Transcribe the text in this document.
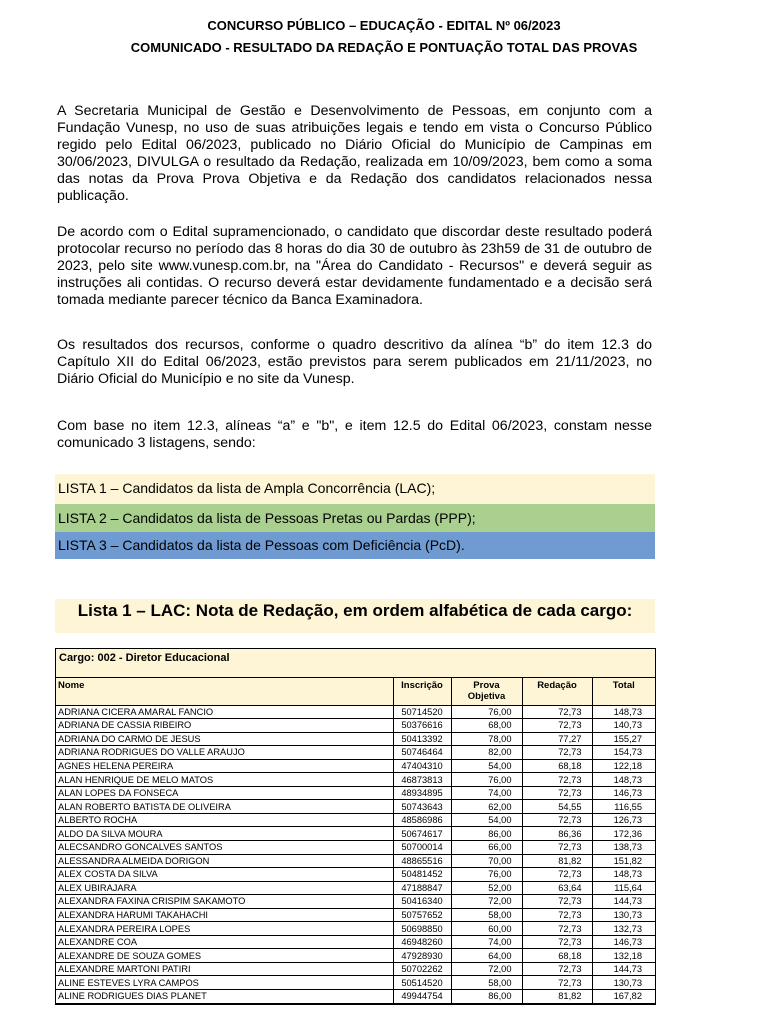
CONCURSO PÚBLICO – EDUCAÇÃO - EDITAL Nº 06/2023
COMUNICADO - RESULTADO DA REDAÇÃO E PONTUAÇÃO TOTAL DAS PROVAS
A Secretaria Municipal de Gestão e Desenvolvimento de Pessoas, em conjunto com a Fundação Vunesp, no uso de suas atribuições legais e tendo em vista o Concurso Público regido pelo Edital 06/2023, publicado no Diário Oficial do Município de Campinas em 30/06/2023, DIVULGA o resultado da Redação, realizada em 10/09/2023, bem como a soma das notas da Prova Prova Objetiva e da Redação dos candidatos relacionados nessa publicação.
De acordo com o Edital supramencionado, o candidato que discordar deste resultado poderá protocolar recurso no período das 8 horas do dia 30 de outubro às 23h59 de 31 de outubro de 2023, pelo site www.vunesp.com.br, na "Área do Candidato - Recursos" e deverá seguir as instruções ali contidas. O recurso deverá estar devidamente fundamentado e a decisão será tomada mediante parecer técnico da Banca Examinadora.
Os resultados dos recursos, conforme o quadro descritivo da alínea “b” do item 12.3 do Capítulo XII do Edital 06/2023, estão previstos para serem publicados em 21/11/2023, no Diário Oficial do Município e no site da Vunesp.
Com base no item 12.3, alíneas “a” e "b", e item 12.5 do Edital 06/2023, constam nesse comunicado 3 listagens, sendo:
LISTA 1 – Candidatos da lista de Ampla Concorrência (LAC);
LISTA 2 – Candidatos da lista de Pessoas Pretas ou Pardas (PPP);
LISTA 3 – Candidatos da lista de Pessoas com Deficiência (PcD).
Lista 1 – LAC: Nota de Redação, em ordem alfabética de cada cargo:
Cargo: 002 - Diretor Educacional
Nome	Inscrição	Prova Objetiva	Redação	Total
ADRIANA CICERA AMARAL FANCIO	50714520	76,00	72,73	148,73
ADRIANA DE CASSIA RIBEIRO	50376616	68,00	72,73	140,73
ADRIANA DO CARMO DE JESUS	50413392	78,00	77,27	155,27
ADRIANA RODRIGUES DO VALLE ARAUJO	50746464	82,00	72,73	154,73
AGNES HELENA PEREIRA	47404310	54,00	68,18	122,18
ALAN HENRIQUE DE MELO MATOS	46873813	76,00	72,73	148,73
ALAN LOPES DA FONSECA	48934895	74,00	72,73	146,73
ALAN ROBERTO BATISTA DE OLIVEIRA	50743643	62,00	54,55	116,55
ALBERTO ROCHA	48586986	54,00	72,73	126,73
ALDO DA SILVA MOURA	50674617	86,00	86,36	172,36
ALECSANDRO GONCALVES SANTOS	50700014	66,00	72,73	138,73
ALESSANDRA ALMEIDA DORIGON	48865516	70,00	81,82	151,82
ALEX COSTA DA SILVA	50481452	76,00	72,73	148,73
ALEX UBIRAJARA	47188847	52,00	63,64	115,64
ALEXANDRA FAXINA CRISPIM SAKAMOTO	50416340	72,00	72,73	144,73
ALEXANDRA HARUMI TAKAHACHI	50757652	58,00	72,73	130,73
ALEXANDRA PEREIRA LOPES	50698850	60,00	72,73	132,73
ALEXANDRE COA	46948260	74,00	72,73	146,73
ALEXANDRE DE SOUZA GOMES	47928930	64,00	68,18	132,18
ALEXANDRE MARTONI PATIRI	50702262	72,00	72,73	144,73
ALINE ESTEVES LYRA CAMPOS	50514520	58,00	72,73	130,73
ALINE RODRIGUES DIAS PLANET	49944754	86,00	81,82	167,82
